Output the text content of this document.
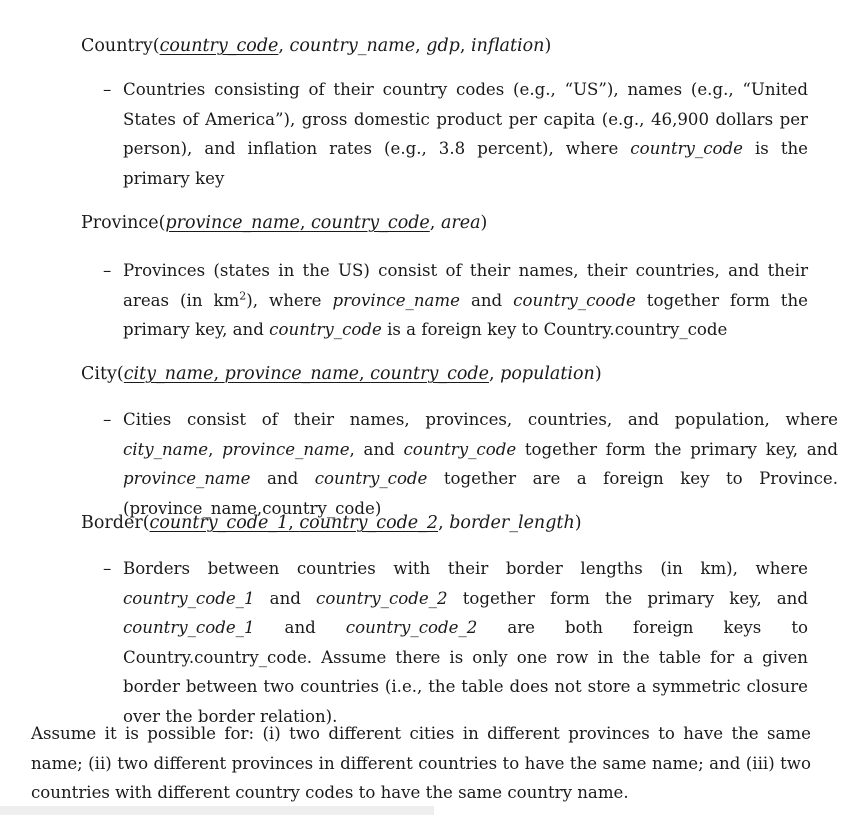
Country(country_code, country_name, gdp, inflation)
– Countries consisting of their country codes (e.g., “US”), names (e.g., “United States of America”), gross domestic product per capita (e.g., 46,900 dollars per person), and inflation rates (e.g., 3.8 percent), where country_code is the primary key
Province(province_name, country_code, area)
– Provinces (states in the US) consist of their names, their countries, and their areas (in $km^2$), where province_name and country_coode together form the primary key, and country_code is a foreign key to Country.country_code
City(city_name, province_name, country_code, population)
– Cities consist of their names, provinces, countries, and population, where city_name, province_name, and country_code together form the primary key, and province_name and country_code together are a foreign key to Province.(province_name,country_code)
Border(country_code_1, country_code_2, border_length)
– Borders between countries with their border lengths (in km), where country_code_1 and country_code_2 together form the primary key, and country_code_1 and country_code_2 are both foreign keys to Country.country_code. Assume there is only one row in the table for a given border between two countries (i.e., the table does not store a symmetric closure over the border relation).
Assume it is possible for: (i) two different cities in different provinces to have the same name; (ii) two different provinces in different countries to have the same name; and (iii) two countries with different country codes to have the same country name.
